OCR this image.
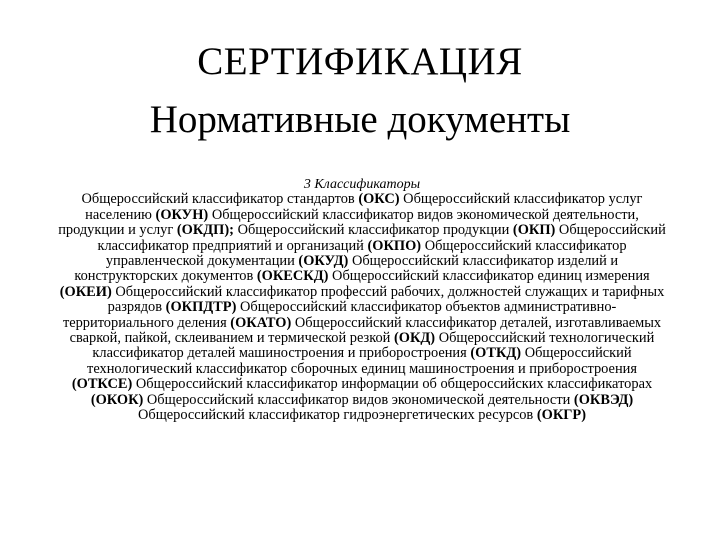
СЕРТИФИКАЦИЯ
Нормативные документы
3 Классификаторы
Общероссийский классификатор стандартов (ОКС) Общероссийский классификатор услуг населению (ОКУН) Общероссийский классификатор видов экономической деятельности, продукции и услуг (ОКДП); Общероссийский классификатор продукции (ОКП) Общероссийский классификатор предприятий и организаций (ОКПО) Общероссийский классификатор управленческой документации (ОКУД) Общероссийский классификатор изделий и конструкторских документов (ОКЕСКД) Общероссийский классификатор единиц измерения (ОКЕИ) Общероссийский классификатор профессий рабочих, должностей служащих и тарифных разрядов (ОКПДТР) Общероссийский классификатор объектов административно-территориального деления (ОКАТО) Общероссийский классификатор деталей, изготавливаемых сваркой, пайкой, склеиванием и термической резкой (ОКД) Общероссийский технологический классификатор деталей машиностроения и приборостроения (ОТКД) Общероссийский технологический классификатор сборочных единиц машиностроения и приборостроения (ОТКСЕ) Общероссийский классификатор информации об общероссийских классификаторах (ОКОК) Общероссийский классификатор видов экономической деятельности (ОКВЭД) Общероссийский классификатор гидроэнергетических ресурсов (ОКГР)
